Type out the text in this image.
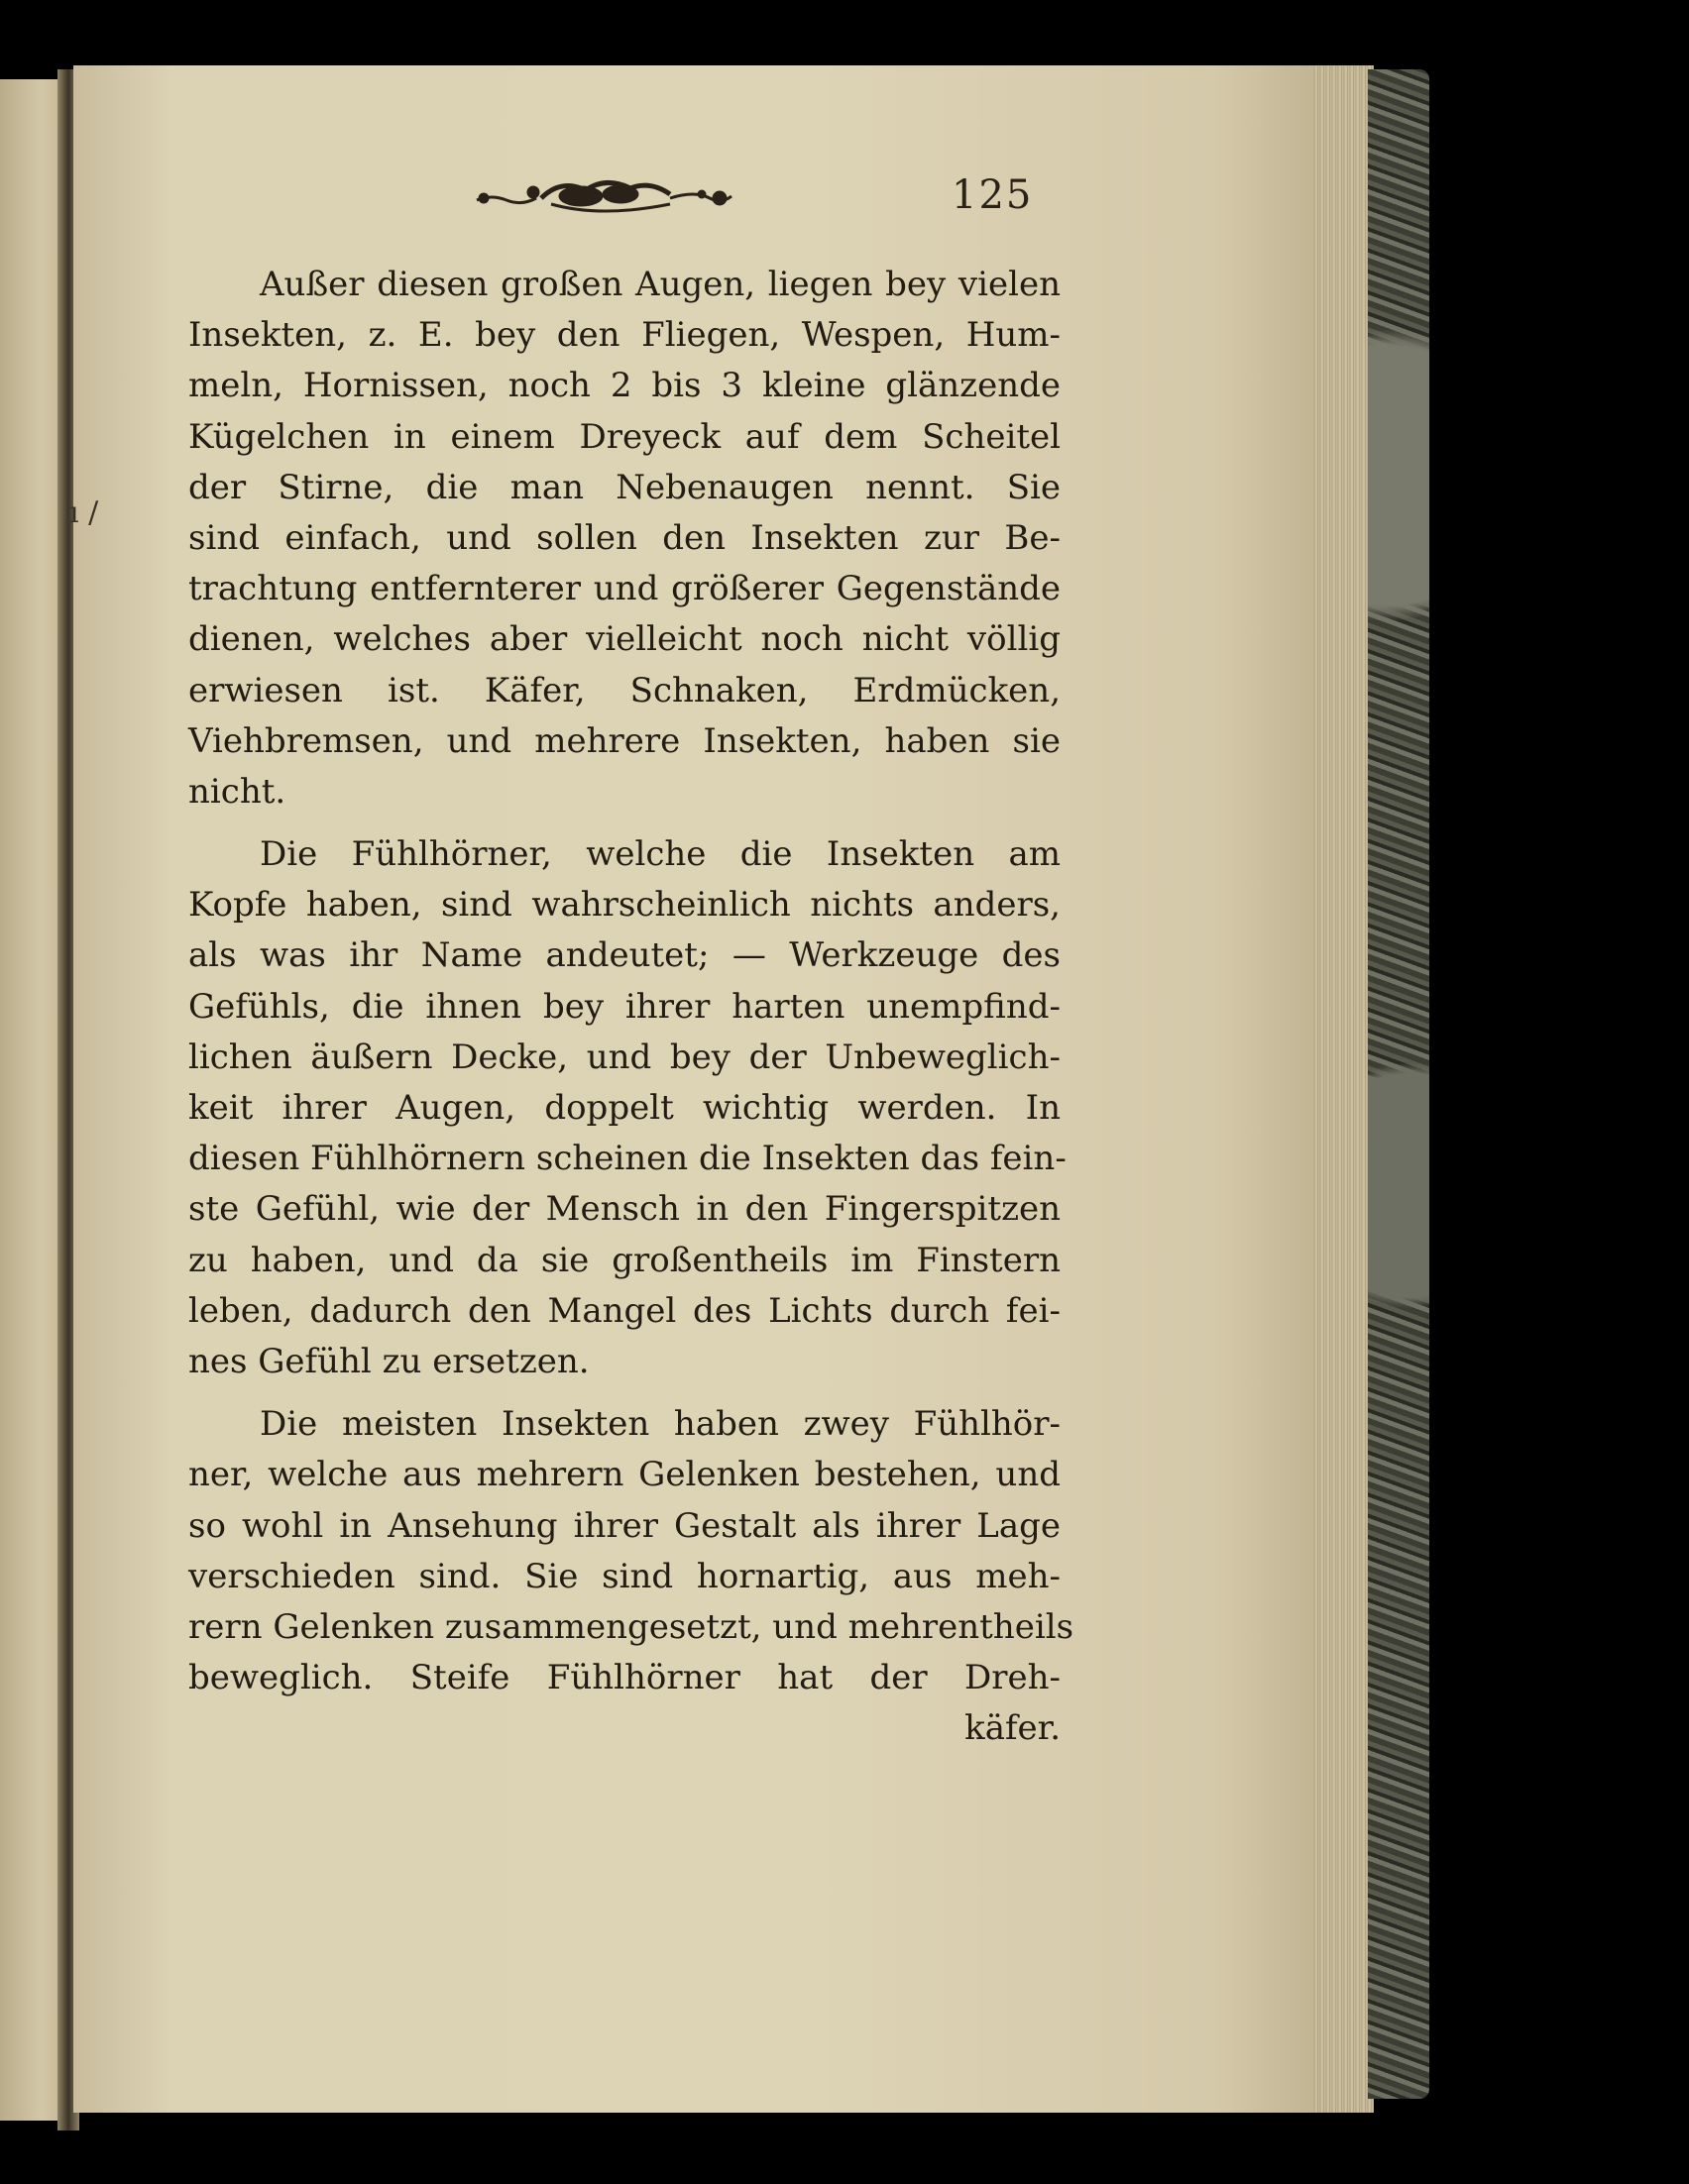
125
ı /
Außer diesen großen Augen, liegen bey vielen
Insekten, z. E. bey den Fliegen, Wespen, Hum-
meln, Hornissen, noch 2 bis 3 kleine glänzende
Kügelchen in einem Dreyeck auf dem Scheitel
der Stirne, die man Nebenaugen nennt. Sie
sind einfach, und sollen den Insekten zur Be-
trachtung entfernterer und größerer Gegenstände
dienen, welches aber vielleicht noch nicht völlig
erwiesen ist. Käfer, Schnaken, Erdmücken,
Viehbremsen, und mehrere Insekten, haben sie
nicht.
Die Fühlhörner, welche die Insekten am
Kopfe haben, sind wahrscheinlich nichts anders,
als was ihr Name andeutet; — Werkzeuge des
Gefühls, die ihnen bey ihrer harten unempfind-
lichen äußern Decke, und bey der Unbeweglich-
keit ihrer Augen, doppelt wichtig werden. In
diesen Fühlhörnern scheinen die Insekten das fein-
ste Gefühl, wie der Mensch in den Fingerspitzen
zu haben, und da sie großentheils im Finstern
leben, dadurch den Mangel des Lichts durch fei-
nes Gefühl zu ersetzen.
Die meisten Insekten haben zwey Fühlhör-
ner, welche aus mehrern Gelenken bestehen, und
so wohl in Ansehung ihrer Gestalt als ihrer Lage
verschieden sind. Sie sind hornartig, aus meh-
rern Gelenken zusammengesetzt, und mehrentheils
beweglich. Steife Fühlhörner hat der Dreh-
käfer.
